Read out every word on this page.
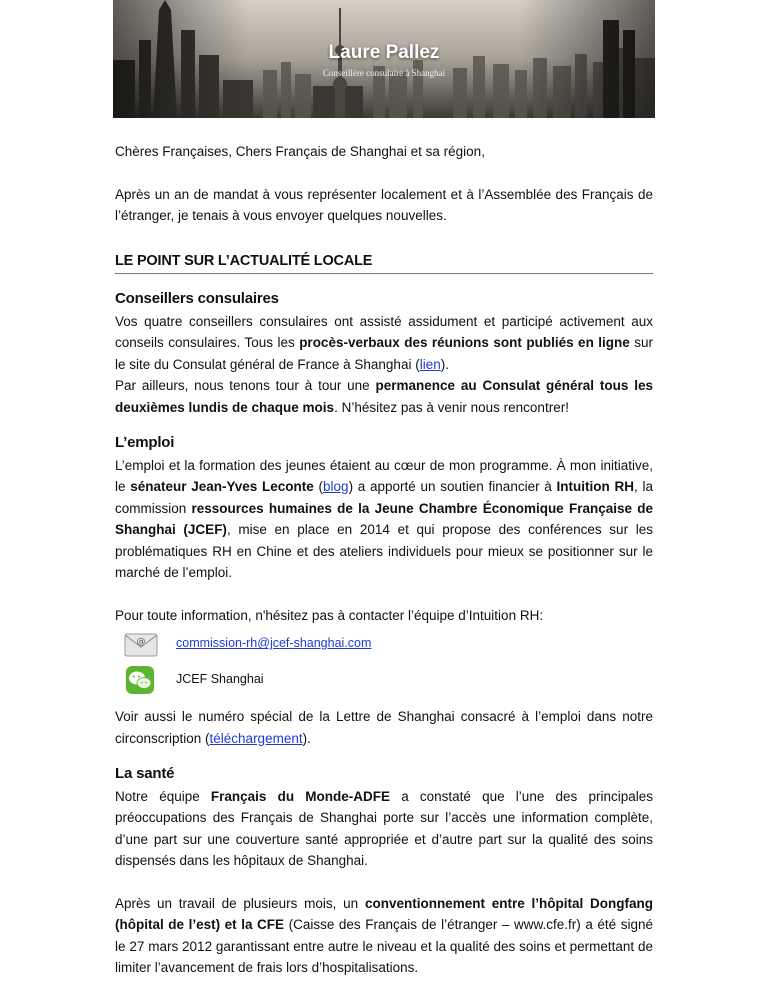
Laure Pallez
Conseillère consulaire à Shanghai

Chères Françaises, Chers Français de Shanghai et sa région,

Après un an de mandat à vous représenter localement et à l’Assemblée des Français de l’étranger, je tenais à vous envoyer quelques nouvelles.

LE POINT SUR L’ACTUALITÉ LOCALE
Conseillers consulaires

Vos quatre conseillers consulaires ont assisté assidument et participé activement aux conseils consulaires. Tous les procès-verbaux des réunions sont publiés en ligne sur le site du Consulat général de France à Shanghai (lien).

Par ailleurs, nous tenons tour à tour une permanence au Consulat général tous les deuxièmes lundis de chaque mois. N’hésitez pas à venir nous rencontrer!

L’emploi

L’emploi et la formation des jeunes étaient au cœur de mon programme. À mon initiative, le sénateur Jean-Yves Leconte (blog) a apporté un soutien financier à Intuition RH, la commission ressources humaines de la Jeune Chambre Économique Française de Shanghai (JCEF), mise en place en 2014 et qui propose des conférences sur les problématiques RH en Chine et des ateliers individuels pour mieux se positionner sur le marché de l’emploi.

Pour toute information, n'hésitez pas à contacter l’équipe d’Intuition RH:

@ commission-rh@jcef-shanghai.com
JCEF Shanghai

Voir aussi le numéro spécial de la Lettre de Shanghai consacré à l’emploi dans notre circonscription (téléchargement).

La santé

Notre équipe Français du Monde-ADFE a constaté que l’une des principales préoccupations des Français de Shanghai porte sur l’accès une information complète, d’une part sur une couverture santé appropriée et d’autre part sur la qualité des soins dispensés dans les hôpitaux de Shanghai.

Après un travail de plusieurs mois, un conventionnement entre l’hôpital Dongfang (hôpital de l’est) et la CFE (Caisse des Français de l’étranger – www.cfe.fr) a été signé le 27 mars 2012 garantissant entre autre le niveau et la qualité des soins et permettant de limiter l’avancement de frais lors d’hospitalisations.
